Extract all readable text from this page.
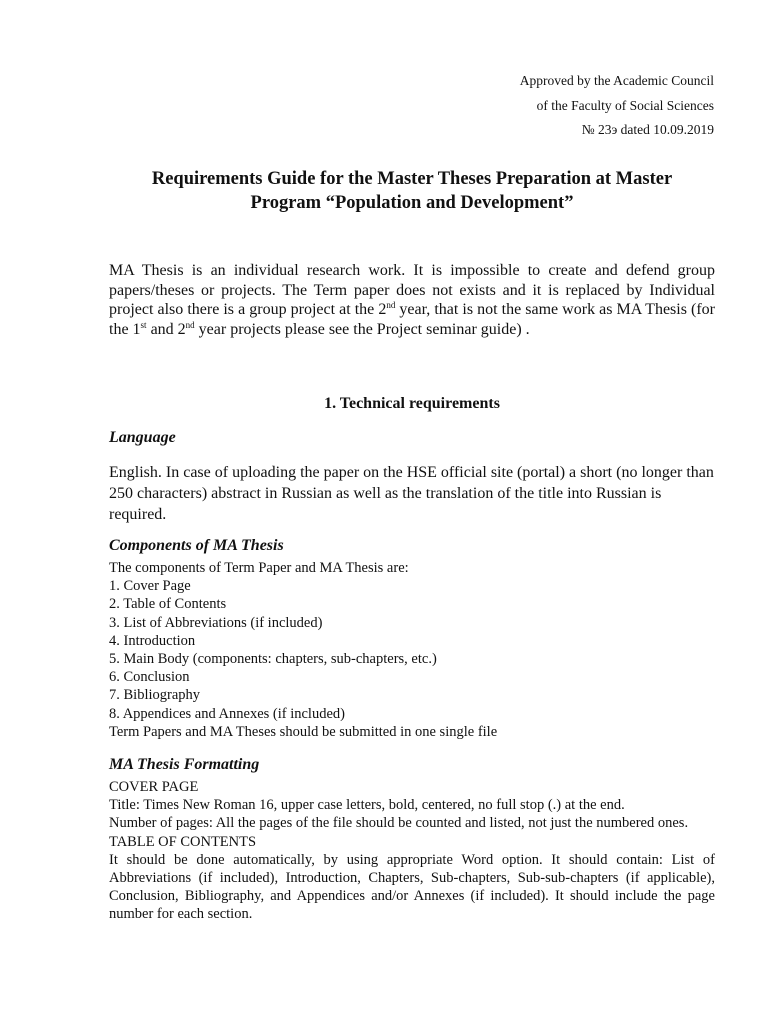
Approved by the Academic Council
of the Faculty of Social Sciences
№ 23э dated 10.09.2019
Requirements Guide for the Master Theses Preparation at Master
Program “Population and Development”
MA Thesis is an individual research work. It is impossible to create and defend group papers/theses or projects. The Term paper does not exists and it is replaced by Individual project also there is a group project at the 2nd year, that is not the same work as MA Thesis (for the 1st and 2nd year projects please see the Project seminar guide) .
1. Technical requirements
Language
English. In case of uploading the paper on the HSE official site (portal) a short (no longer than 250 characters) abstract in Russian as well as the translation of the title into Russian is required.
Components of MA Thesis
The components of Term Paper and MA Thesis are:
1. Cover Page
2. Table of Contents
3. List of Abbreviations (if included)
4. Introduction
5. Main Body (components: chapters, sub-chapters, etc.)
6. Conclusion
7. Bibliography
8. Appendices and Annexes (if included)
Term Papers and MA Theses should be submitted in one single file
MA Thesis Formatting
COVER PAGE
Title: Times New Roman 16, upper case letters, bold, centered, no full stop (.) at the end.
Number of pages: All the pages of the file should be counted and listed, not just the numbered ones.
TABLE OF CONTENTS
It should be done automatically, by using appropriate Word option. It should contain: List of Abbreviations (if included), Introduction, Chapters, Sub-chapters, Sub-sub-chapters (if applicable), Conclusion, Bibliography, and Appendices and/or Annexes (if included). It should include the page number for each section.
